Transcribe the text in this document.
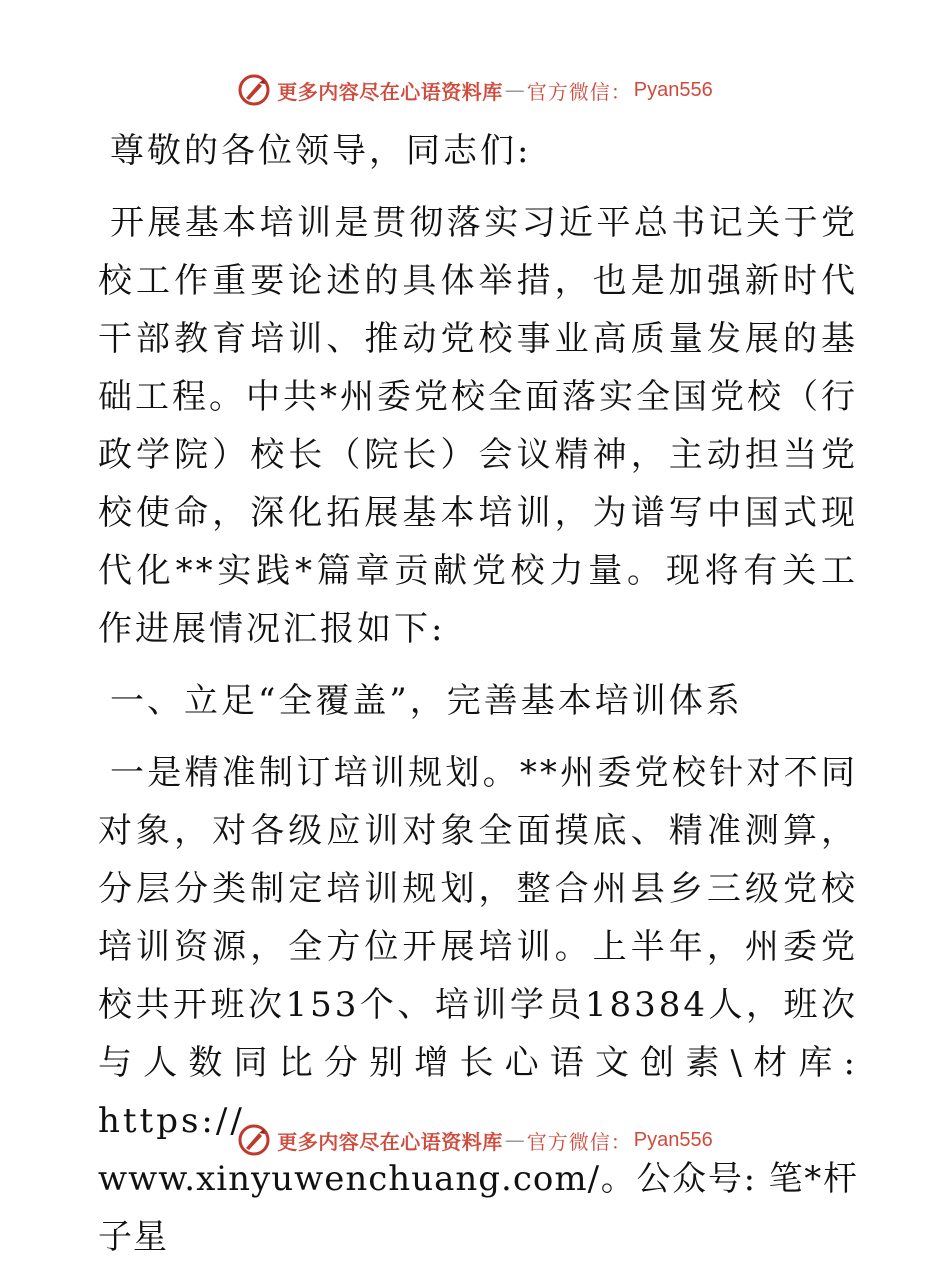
更多内容尽在心语资料库 — 官方微信： Pyan556

尊敬的各位领导，同志们:

开展基本培训是贯彻落实习近平总书记关于党校工作重要论述的具体举措，也是加强新时代干部教育培训、推动党校事业高质量发展的基础工程。中共*州委党校全面落实全国党校（行政学院）校长（院长）会议精神，主动担当党校使命，深化拓展基本培训，为谱写中国式现代化**实践*篇章贡献党校力量。现将有关工作进展情况汇报如下:

一、立足“全覆盖”，完善基本培训体系

一是精准制订培训规划。**州委党校针对不同对象，对各级应训对象全面摸底、精准测算，分层分类制定培训规划，整合州县乡三级党校培训资源，全方位开展培训。上半年，州委党校共开班次153个、培训学员18384人，班次与人数同比分别增长心语文创素\材库: https://

www.xinyuwenchuang.com/。公众号: 笔*杆子星

更多内容尽在心语资料库 — 官方微信： Pyan556
